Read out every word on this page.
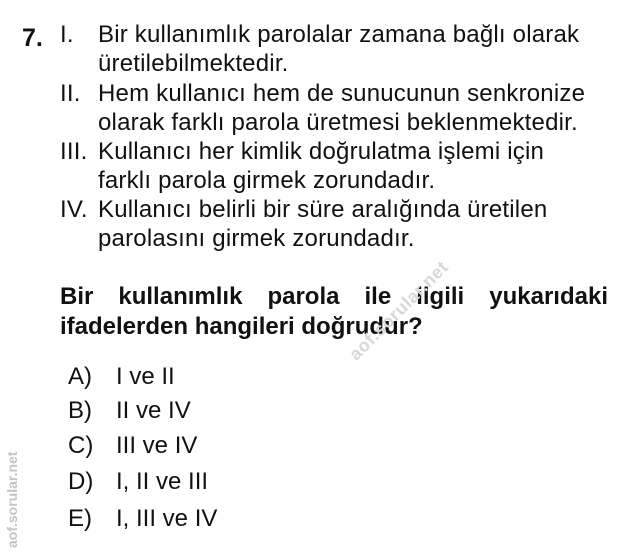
7. I. Bir kullanımlık parolalar zamana bağlı olarak
üretilebilmektedir.
II. Hem kullanıcı hem de sunucunun senkronize
olarak farklı parola üretmesi beklenmektedir.
III. Kullanıcı her kimlik doğrulatma işlemi için
farklı parola girmek zorundadır.
IV. Kullanıcı belirli bir süre aralığında üretilen
parolasını girmek zorundadır.
Bir kullanımlık parola ile ilgili yukarıdaki
ifadelerden hangileri doğrudur?
A) I ve II
B) II ve IV
C) III ve IV
D) I, II ve III
E) I, III ve IV
aof.sorular.net
aof.sorular.net
